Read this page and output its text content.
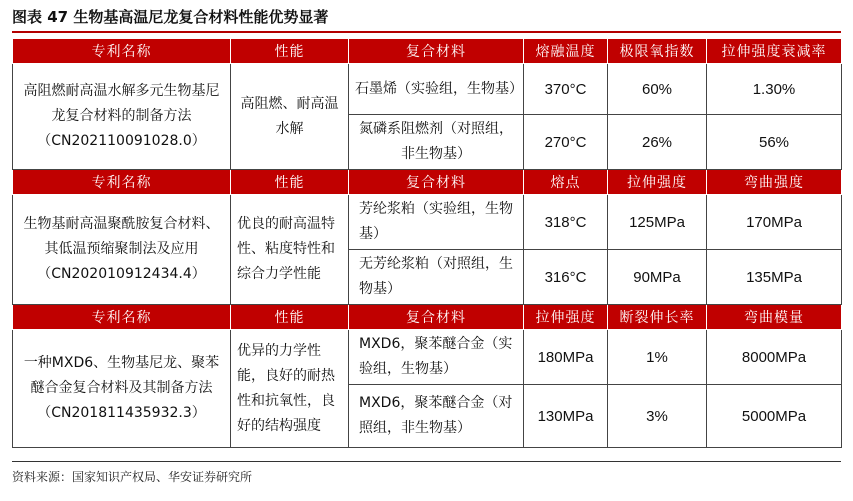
图表 47 生物基高温尼龙复合材料性能优势显著
专利名称	性能	复合材料	熔融温度	极限氧指数	拉伸强度衰减率
高阻燃耐高温水解多元生物基尼龙复合材料的制备方法（CN202110091028.0）	高阻燃、耐高温水解	石墨烯（实验组，生物基）	370°C	60%	1.30%
		氮磷系阻燃剂（对照组，非生物基）	270°C	26%	56%
专利名称	性能	复合材料	熔点	拉伸强度	弯曲强度
生物基耐高温聚酰胺复合材料、其低温预缩聚制法及应用（CN202010912434.4）	优良的耐高温特性、粘度特性和综合力学性能	芳纶浆粕（实验组，生物基）	318°C	125MPa	170MPa
		无芳纶浆粕（对照组，生物基）	316°C	90MPa	135MPa
专利名称	性能	复合材料	拉伸强度	断裂伸长率	弯曲模量
一种MXD6、生物基尼龙、聚苯醚合金复合材料及其制备方法（CN201811435932.3）	优异的力学性能，良好的耐热性和抗氧性，良好的结构强度	MXD6，聚苯醚合金（实验组，生物基）	180MPa	1%	8000MPa
		MXD6，聚苯醚合金（对照组，非生物基）	130MPa	3%	5000MPa
资料来源：国家知识产权局、华安证券研究所
